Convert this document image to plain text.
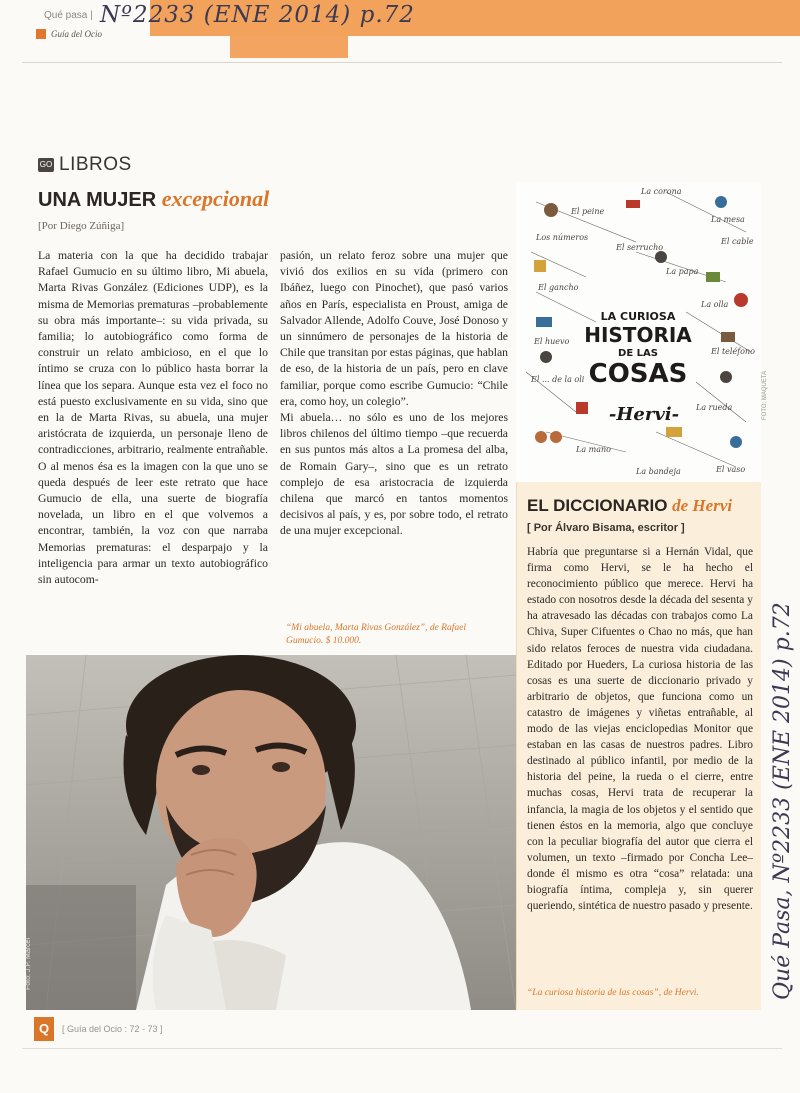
Qué pasa |
Guía del Ocio
Nº2233 (ENE 2014) p.72
GO LIBROS
UNA MUJER excepcional
[Por Diego Zúñiga]

La materia con la que ha decidido trabajar Rafael Gumucio en su último libro, Mi abuela, Marta Rivas González (Ediciones UDP), es la misma de Memorias prematuras –probablemente su obra más importante–: su vida privada, su familia; lo autobiográfico como forma de construir un relato ambicioso, en el que lo íntimo se cruza con lo público hasta borrar la línea que los separa. Aunque esta vez el foco no está puesto exclusivamente en su vida, sino que en la de Marta Rivas, su abuela, una mujer aristócrata de izquierda, un personaje lleno de contradicciones, arbitrario, realmente entrañable. O al menos ésa es la imagen con la que uno se queda después de leer este retrato que hace Gumucio de ella, una suerte de biografía novelada, un libro en el que volvemos a encontrar, también, la voz con que narraba Memorias prematuras: el desparpajo y la inteligencia para armar un texto autobiográfico sin autocom-

pasión, un relato feroz sobre una mujer que vivió dos exilios en su vida (primero con Ibáñez, luego con Pinochet), que pasó varios años en París, especialista en Proust, amiga de Salvador Allende, Adolfo Couve, José Donoso y un sinnúmero de personajes de la historia de Chile que transitan por estas páginas, que hablan de eso, de la historia de un país, pero en clave familiar, porque como escribe Gumucio: “Chile era, como hoy, un colegio”.

Mi abuela… no sólo es uno de los mejores libros chilenos del último tiempo –que recuerda en sus puntos más altos a La promesa del alba, de Romain Gary–, sino que es un retrato complejo de esa aristocracia de izquierda chilena que marcó en tantos momentos decisivos al país, y es, por sobre todo, el retrato de una mujer excepcional.

“Mi abuela, Marta Rivas González”, de Rafael Gumucio. $ 10.000.
Foto: J.P. Marcel
La corona
El peine
La mesa
Los números
El serrucho
El cable
El gancho
La papa
La olla
El huevo
El ... de la oli
El teléfono
La rueda
La mano
La bandeja	El vaso
LA CURIOSA
HISTORIA
DE LAS
COSAS
-Hervi-	FOTO: MAQUETA
EL DICCIONARIO de Hervi
[ Por Álvaro Bisama, escritor ]
Habría que preguntarse si a Hernán Vidal, que firma como Hervi, se le ha hecho el reconocimiento público que merece. Hervi ha estado con nosotros desde la década del sesenta y ha atravesado las décadas con trabajos como La Chiva, Super Cifuentes o Chao no más, que han sido relatos feroces de nuestra vida ciudadana. Editado por Hueders, La curiosa historia de las cosas es una suerte de diccionario privado y arbitrario de objetos, que funciona como un catastro de imágenes y viñetas entrañable, al modo de las viejas enciclopedias Monitor que estaban en las casas de nuestros padres. Libro destinado al público infantil, por medio de la historia del peine, la rueda o el cierre, entre muchas cosas, Hervi trata de recuperar la infancia, la magia de los objetos y el sentido que tienen éstos en la memoria, algo que concluye con la peculiar biografía del autor que cierra el volumen, un texto –firmado por Concha Lee– donde él mismo es otra “cosa” relatada: una biografía íntima, compleja y, sin querer queriendo, sintética de nuestro pasado y presente.
“La curiosa historia de las cosas”, de Hervi.	Qué Pasa, Nº2233 (ENE 2014) p.72
Q	[ Guía del Ocio : 72 - 73 ]
